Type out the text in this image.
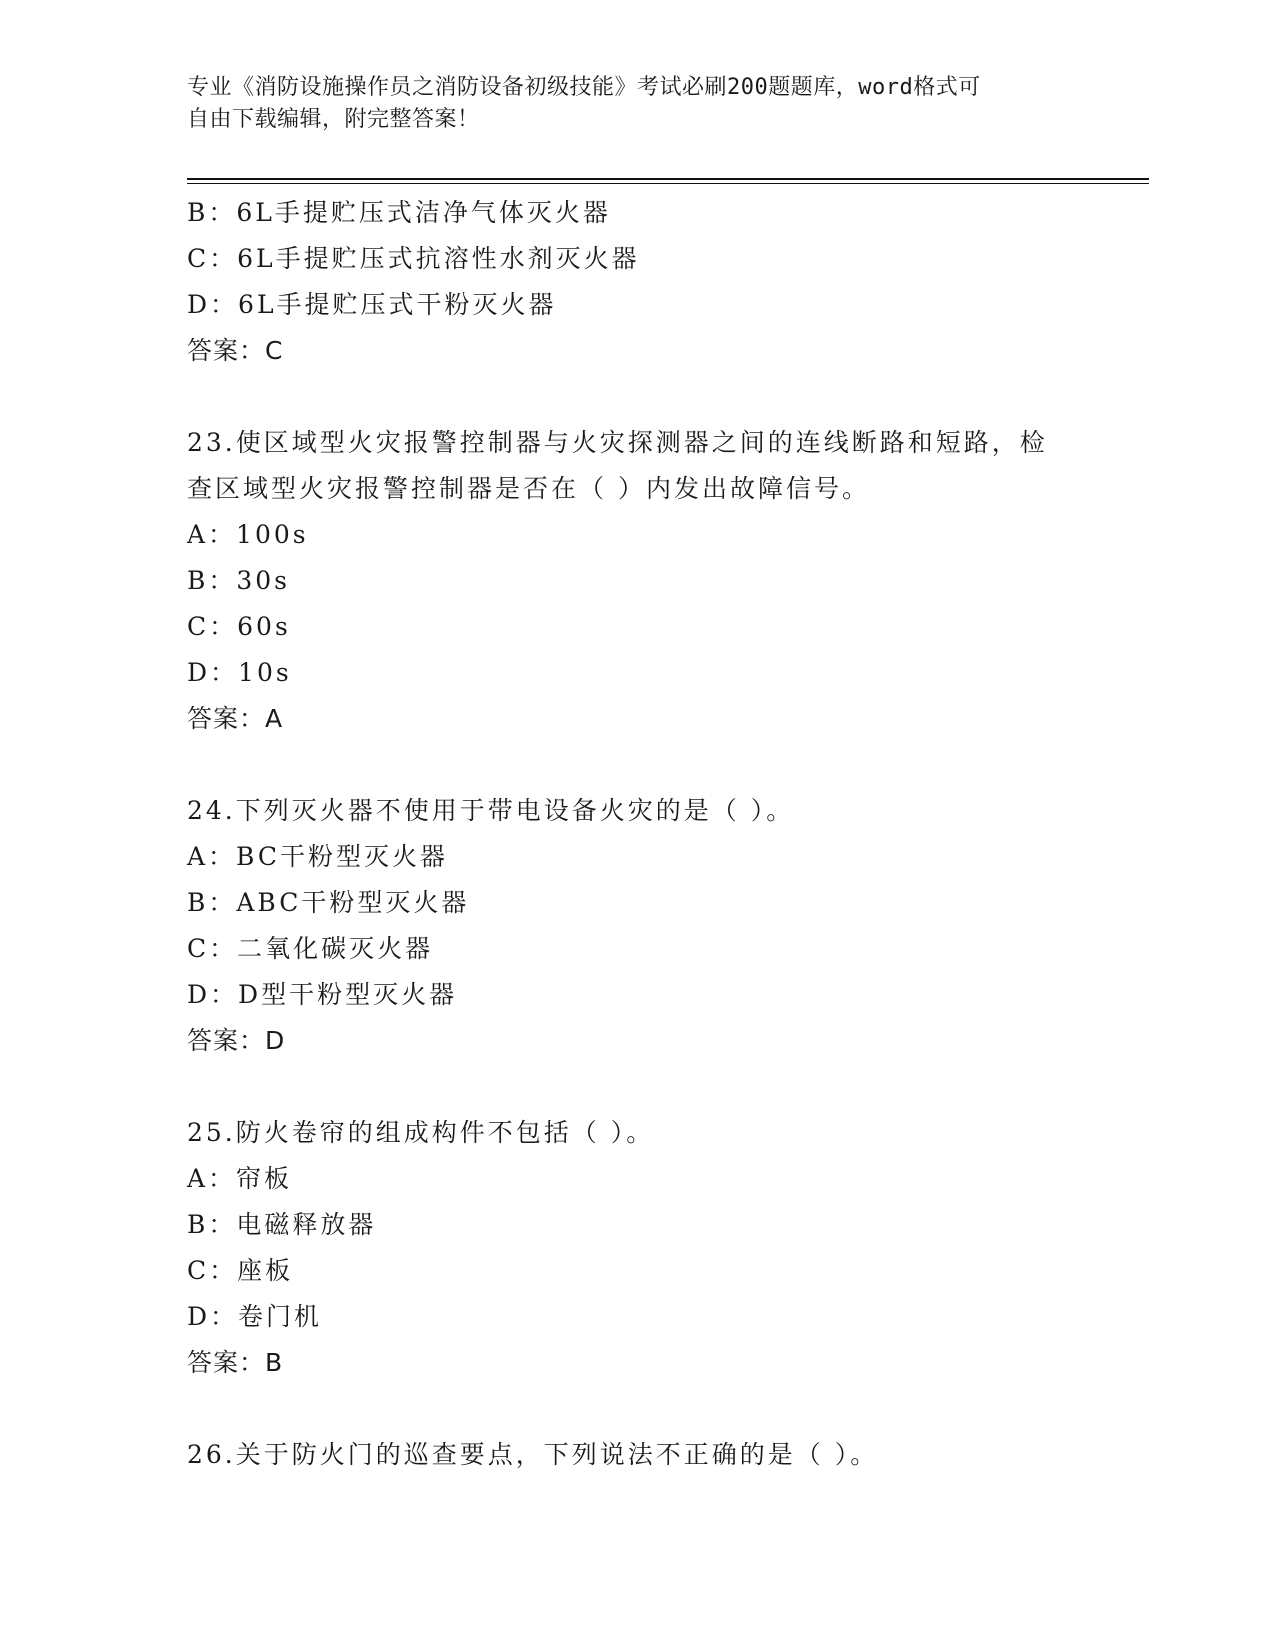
专业《消防设施操作员之消防设备初级技能》考试必刷200题题库，word格式可
自由下载编辑，附完整答案！
B：6L手提贮压式洁净气体灭火器
C：6L手提贮压式抗溶性水剂灭火器
D：6L手提贮压式干粉灭火器
答案：C
23.使区域型火灾报警控制器与火灾探测器之间的连线断路和短路，检
查区域型火灾报警控制器是否在（ ）内发出故障信号。
A：100s
B：30s
C：60s
D：10s
答案：A
24.下列灭火器不使用于带电设备火灾的是（ ）。
A：BC干粉型灭火器
B：ABC干粉型灭火器
C：二氧化碳灭火器
D：D型干粉型灭火器
答案：D
25.防火卷帘的组成构件不包括（ ）。
A：帘板
B：电磁释放器
C：座板
D：卷门机
答案：B
26.关于防火门的巡查要点，下列说法不正确的是（ ）。
